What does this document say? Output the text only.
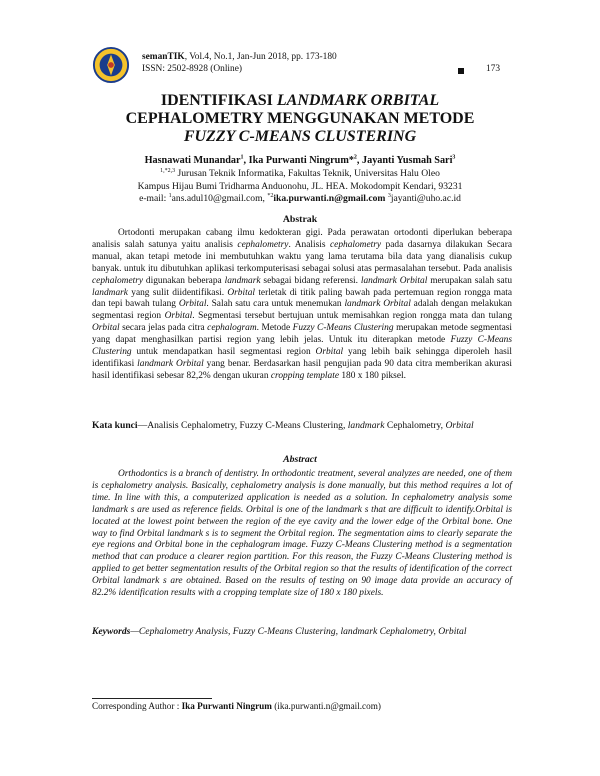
semanTIK, Vol.4, No.1, Jan-Jun 2018, pp. 173-180
ISSN: 2502-8928 (Online)	173
IDENTIFIKASI LANDMARK ORBITAL
CEPHALOMETRY MENGGUNAKAN METODE
FUZZY C-MEANS CLUSTERING
Hasnawati Munandar$^1$, Ika Purwanti Ningrum*$^2$, Jayanti Yusmah Sari$^3$
$^{1,*2,3}$ Jurusan Teknik Informatika, Fakultas Teknik, Universitas Halu Oleo
Kampus Hijau Bumi Tridharma Anduonohu, JL. HEA. Mokodompit Kendari, 93231
e-mail: $^1$ans.adul10@gmail.com, $^{*2}$ika.purwanti.n@gmail.com $^3$jayanti@uho.ac.id
Abstrak
Ortodonti merupakan cabang ilmu kedokteran gigi. Pada perawatan ortodonti diperlukan beberapa analisis salah satunya yaitu analisis cephalometry. Analisis cephalometry pada dasarnya dilakukan Secara manual, akan tetapi metode ini membutuhkan waktu yang lama terutama bila data yang dianalisis cukup banyak. untuk itu dibutuhkan aplikasi terkomputerisasi sebagai solusi atas permasalahan tersebut. Pada analisis cephalometry digunakan beberapa landmark sebagai bidang referensi. landmark Orbital merupakan salah satu landmark yang sulit diidentifikasi. Orbital terletak di titik paling bawah pada pertemuan region rongga mata dan tepi bawah tulang Orbital. Salah satu cara untuk menemukan landmark Orbital adalah dengan melakukan segmentasi region Orbital. Segmentasi tersebut bertujuan untuk memisahkan region rongga mata dan tulang Orbital secara jelas pada citra cephalogram. Metode Fuzzy C-Means Clustering merupakan metode segmentasi yang dapat menghasilkan partisi region yang lebih jelas. Untuk itu diterapkan metode Fuzzy C-Means Clustering untuk mendapatkan hasil segmentasi region Orbital yang lebih baik sehingga diperoleh hasil identifikasi landmark Orbital yang benar. Berdasarkan hasil pengujian pada 90 data citra memberikan akurasi hasil identifikasi sebesar 82,2% dengan ukuran cropping template 180 x 180 piksel.
Kata kunci—Analisis Cephalometry, Fuzzy C-Means Clustering, landmark Cephalometry, Orbital
Abstract
Orthodontics is a branch of dentistry. In orthodontic treatment, several analyzes are needed, one of them is cephalometry analysis. Basically, cephalometry analysis is done manually, but this method requires a lot of time. In line with this, a computerized application is needed as a solution. In cephalometry analysis some landmark s are used as reference fields. Orbital is one of the landmark s that are difficult to identify.Orbital is located at the lowest point between the region of the eye cavity and the lower edge of the Orbital bone. One way to find Orbital landmark s is to segment the Orbital region. The segmentation aims to clearly separate the eye regions and Orbital bone in the cephalogram image. Fuzzy C-Means Clustering method is a segmentation method that can produce a clearer region partition. For this reason, the Fuzzy C-Means Clustering method is applied to get better segmentation results of the Orbital region so that the results of identification of the correct Orbital landmark s are obtained. Based on the results of testing on 90 image data provide an accuracy of 82.2% identification results with a cropping template size of 180 x 180 pixels.
Keywords—Cephalometry Analysis, Fuzzy C-Means Clustering, landmark Cephalometry, Orbital
Corresponding Author : Ika Purwanti Ningrum (ika.purwanti.n@gmail.com)
